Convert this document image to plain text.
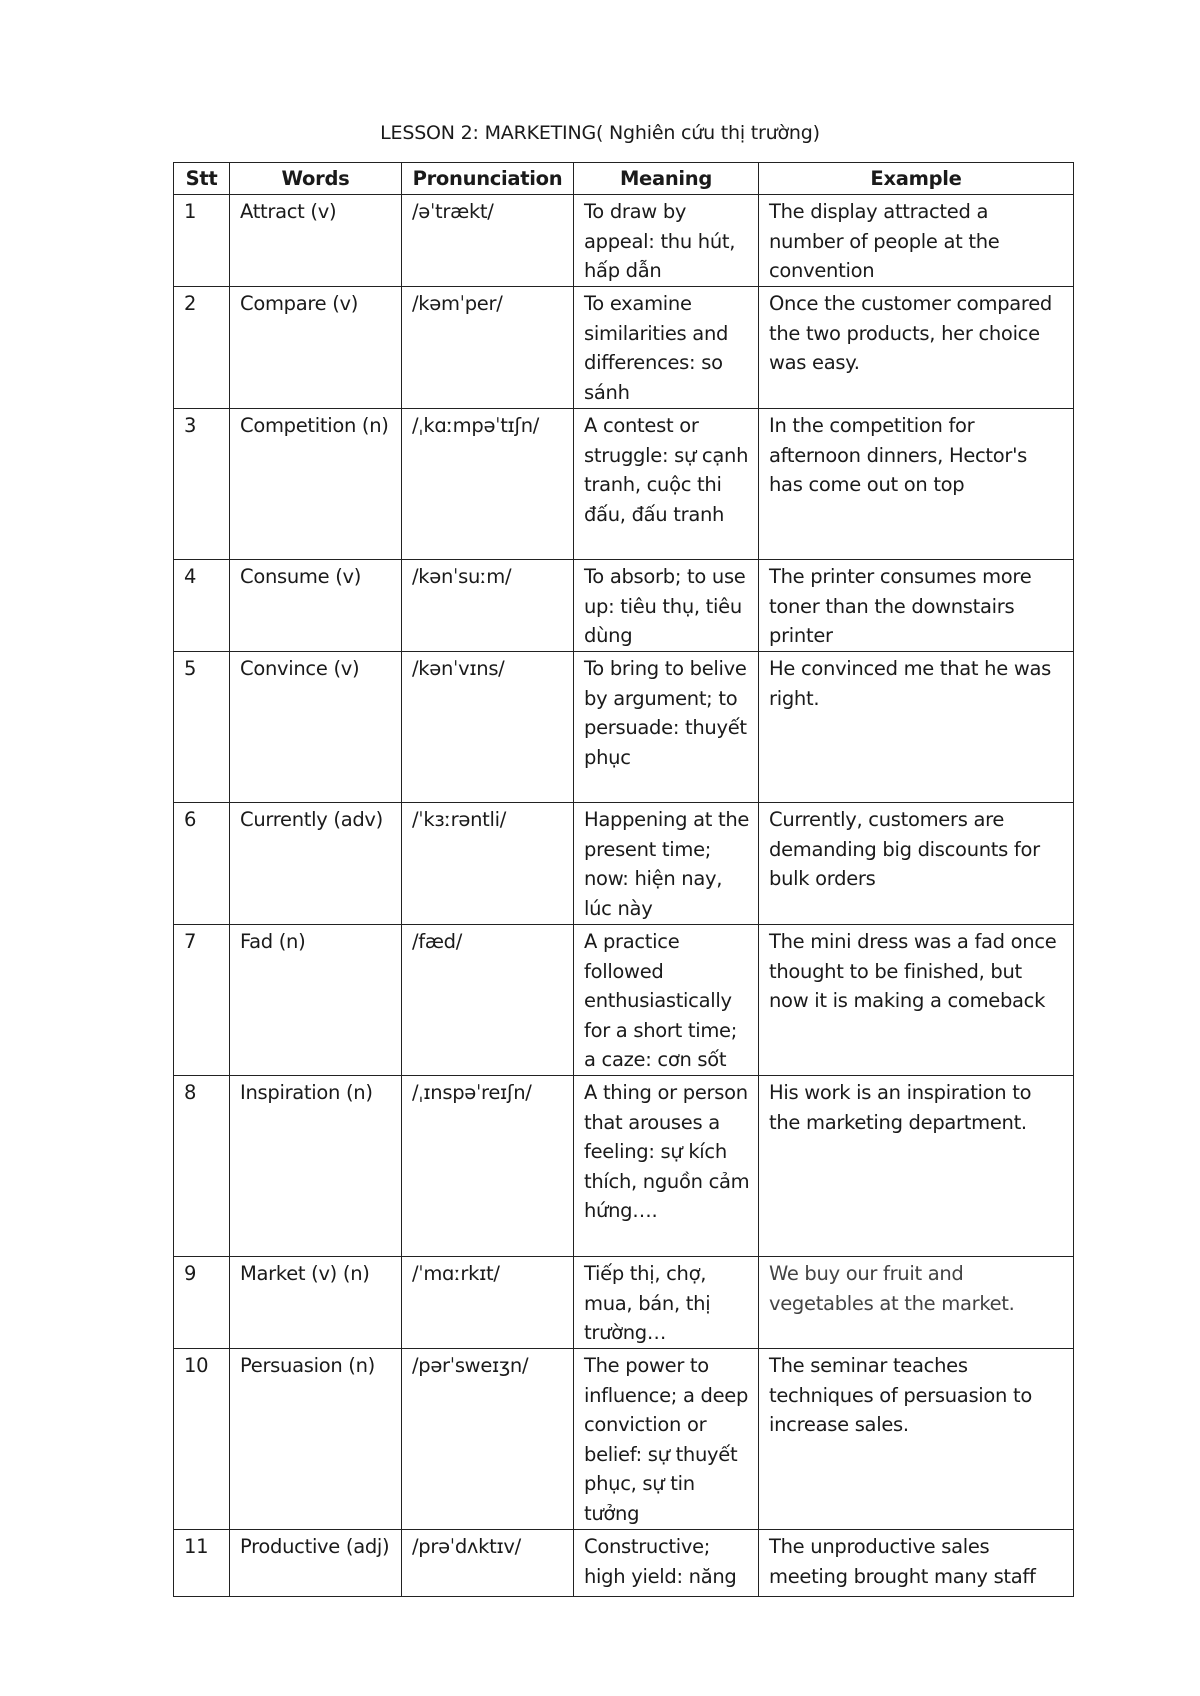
LESSON 2: MARKETING( Nghiên cứu thị trường)
Stt	Words	Pronunciation	Meaning	Example
1	Attract (v)	/əˈtrækt/	To draw by appeal: thu hút, hấp dẫn	The display attracted a number of people at the convention
2	Compare (v)	/kəmˈper/	To examine similarities and differences: so sánh	Once the customer compared the two products, her choice was easy.
3	Competition (n)	/ˌkɑːmpəˈtɪʃn/	A contest or struggle: sự cạnh tranh, cuộc thi đấu, đấu tranh	In the competition for afternoon dinners, Hector's has come out on top
4	Consume (v)	/kənˈsuːm/	To absorb; to use up: tiêu thụ, tiêu dùng	The printer consumes more toner than the downstairs printer
5	Convince (v)	/kənˈvɪns/	To bring to belive by argument; to persuade: thuyết phục	He convinced me that he was right.
6	Currently (adv)	/ˈkɜːrəntli/	Happening at the present time; now: hiện nay, lúc này	Currently, customers are demanding big discounts for bulk orders
7	Fad (n)	/fæd/	A practice followed enthusiastically for a short time; a caze: cơn sốt	The mini dress was a fad once thought to be finished, but now it is making a comeback
8	Inspiration (n)	/ˌɪnspəˈreɪʃn/	A thing or person that arouses a feeling: sự kích thích, nguồn cảm hứng….	His work is an inspiration to the marketing department.
9	Market (v) (n)	/ˈmɑːrkɪt/	Tiếp thị, chợ, mua, bán, thị trường…	We buy our fruit and vegetables at the market.
10	Persuasion (n)	/pərˈsweɪʒn/	The power to influence; a deep conviction or belief: sự thuyết phục, sự tin tưởng	The seminar teaches techniques of persuasion to increase sales.
11	Productive (adj)	/prəˈdʌktɪv/	Constructive; high yield: năng	The unproductive sales meeting brought many staff
